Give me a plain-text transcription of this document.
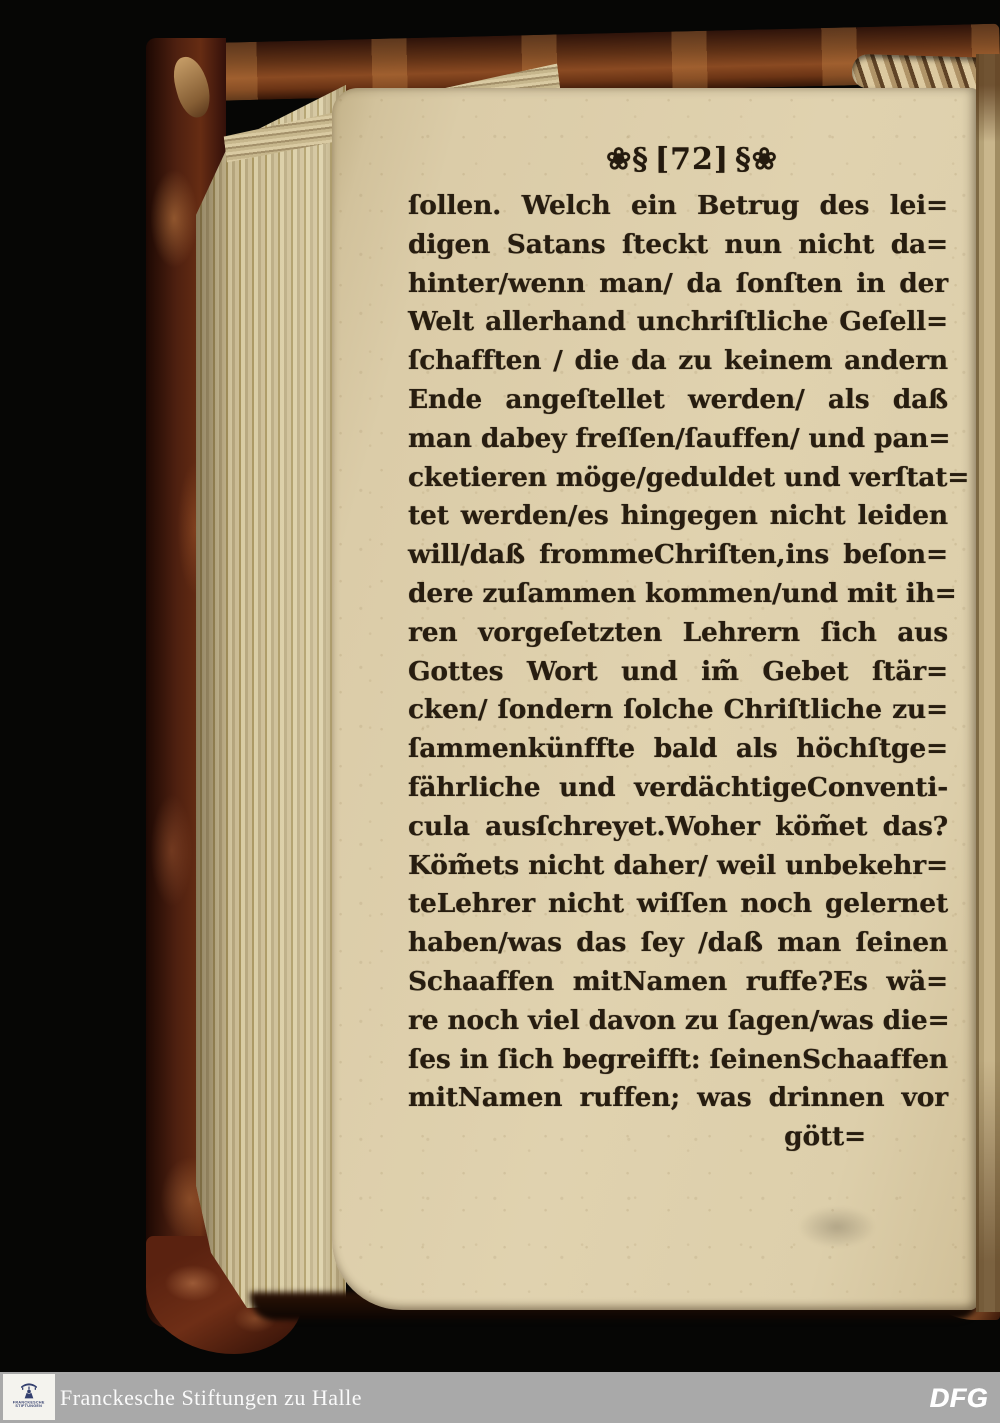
❀§ [72] §❀
ſollen. Welch ein Betrug des lei=
digen Satans ſteckt nun nicht da=
hinter/wenn man/ da ſonſten in der
Welt allerhand unchriſtliche Geſell=
ſchafften / die da zu keinem andern
Ende angeſtellet werden/ als daß
man dabey freſſen/ſauffen/ und pan=
cketieren möge/geduldet und verſtat=
tet werden/es hingegen nicht leiden
will/daß frommeChriſten,ins beſon=
dere zuſammen kommen/und mit ih=
ren vorgeſetzten Lehrern ſich aus
Gottes Wort und im̃ Gebet ſtär=
cken/ ſondern ſolche Chriſtliche zu=
ſammenkünffte bald als höchſtge=
fährliche und verdächtigeConventi-
cula ausſchreyet.Woher köm̃et das?
Köm̃ets nicht daher/ weil unbekehr=
teLehrer nicht wiſſen noch gelernet
haben/was das ſey /daß man ſeinen
Schaaffen mitNamen ruffe?Es wä=
re noch viel davon zu ſagen/was die=
ſes in ſich begreifft: ſeinenSchaaffen
mitNamen ruffen; was drinnen vor
gött=
FRANCKESCHE
STIFTUNGEN Franckesche Stiftungen zu Halle	DFG
